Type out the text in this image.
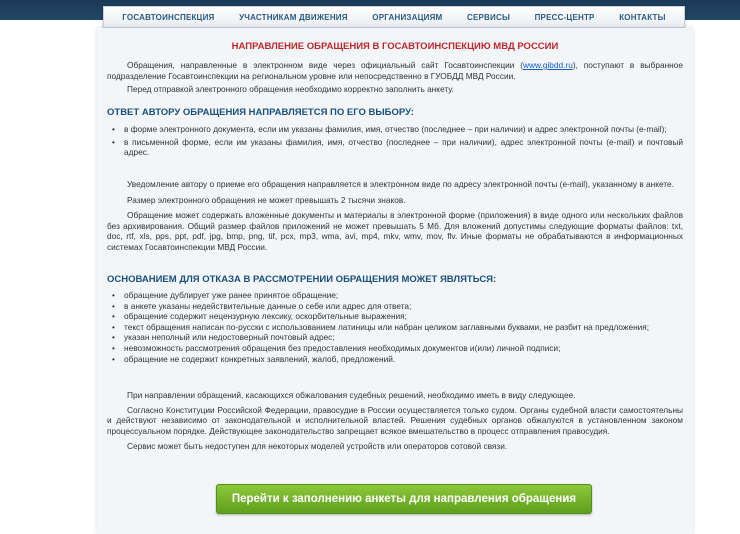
ГОСАВТОИНСПЕКЦИЯ	УЧАСТНИКАМ ДВИЖЕНИЯ	ОРГАНИЗАЦИЯМ	СЕРВИСЫ	ПРЕСС-ЦЕНТР	КОНТАКТЫ
НАПРАВЛЕНИЕ ОБРАЩЕНИЯ В ГОСАВТОИНСПЕКЦИЮ МВД РОССИИ

Обращения, направленные в электронном виде через официальный сайт Госавтоинспекции (www.gibdd.ru), поступают в выбранное подразделение Госавтоинспекции на региональном уровне или непосредственно в ГУОБДД МВД России.

Перед отправкой электронного обращения необходимо корректно заполнить анкету.

ОТВЕТ АВТОРУ ОБРАЩЕНИЯ НАПРАВЛЯЕТСЯ ПО ЕГО ВЫБОРУ:
• в форме электронного документа, если им указаны фамилия, имя, отчество (последнее – при наличии) и адрес электронной почты (e-mail);
• в письменной форме, если им указаны фамилия, имя, отчество (последнее – при наличии), адрес электронной почты (e-mail) и почтовый адрес.

Уведомление автору о приеме его обращения направляется в электронном виде по адресу электронной почты (e-mail), указанному в анкете.

Размер электронного обращения не может превышать 2 тысячи знаков.

Обращение может содержать вложенные документы и материалы в электронной форме (приложения) в виде одного или нескольких файлов без архивирования. Общий размер файлов приложений не может превышать 5 Мб. Для вложений допустимы следующие форматы файлов: txt, doc, rtf, xls, pps, ppt, pdf, jpg, bmp, png, tif, pcx, mp3, wma, avi, mp4, mkv, wmv, mov, flv. Иные форматы не обрабатываются в информационных системах Госавтоинспекции МВД России.

ОСНОВАНИЕМ ДЛЯ ОТКАЗА В РАССМОТРЕНИИ ОБРАЩЕНИЯ МОЖЕТ ЯВЛЯТЬСЯ:
• обращение дублирует уже ранее принятое обращение;
• в анкете указаны недействительные данные о себе или адрес для ответа;
• обращение содержит нецензурную лексику, оскорбительные выражения;
• текст обращения написан по-русски с использованием латиницы или набран целиком заглавными буквами, не разбит на предложения;
• указан неполный или недостоверный почтовый адрес;
• невозможность рассмотрения обращения без предоставления необходимых документов и(или) личной подписи;
• обращение не содержит конкретных заявлений, жалоб, предложений.

При направлении обращений, касающихся обжалования судебных решений, необходимо иметь в виду следующее.

Согласно Конституции Российской Федерации, правосудие в России осуществляется только судом. Органы судебной власти самостоятельны и действуют независимо от законодательной и исполнительной властей. Решения судебных органов обжалуются в установленном законом процессуальном порядке. Действующее законодательство запрещает всякое вмешательство в процесс отправления правосудия.

Сервис может быть недоступен для некоторых моделей устройств или операторов сотовой связи.

Перейти к заполнению анкеты для направления обращения
